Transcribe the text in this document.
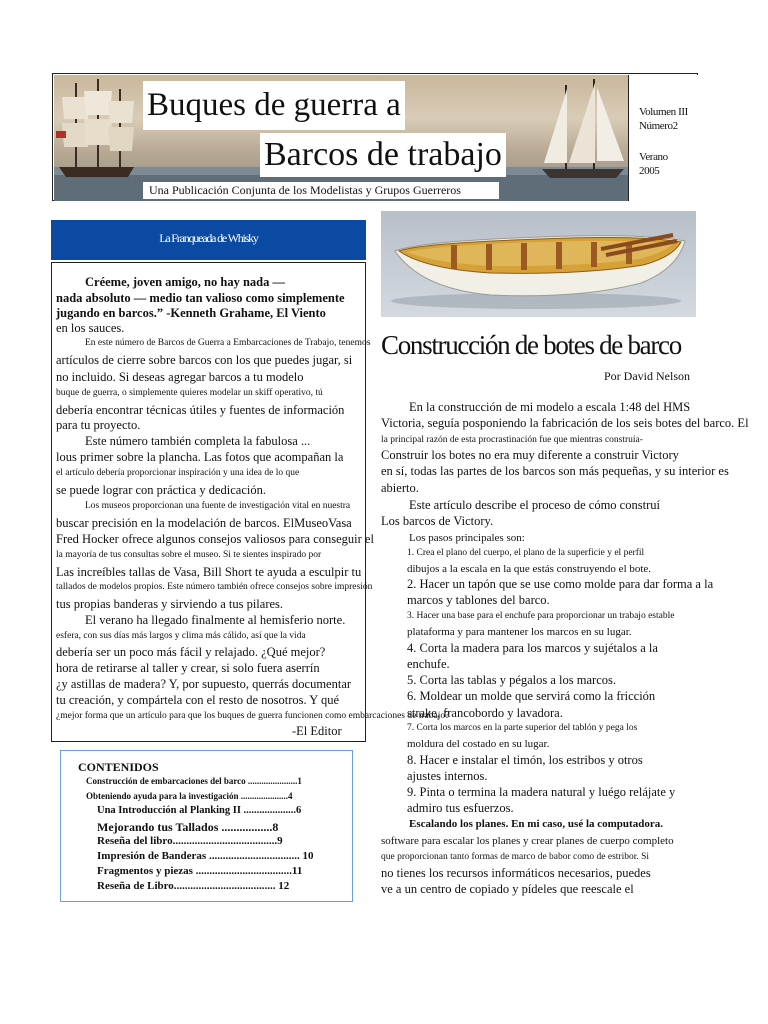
Buques de guerra a
Barcos de trabajo
Una Publicación Conjunta de los Modelistas y Grupos Guerreros
Volumen III
Número2
Verano
2005
La Franqueada de Whisky
Créeme, joven amigo, no hay nada —
nada absoluto — medio tan valioso como simplemente
jugando en barcos.” -Kenneth Grahame, El Viento
en los sauces.
En este número de Barcos de Guerra a Embarcaciones de Trabajo, tenemos
artículos de cierre sobre barcos con los que puedes jugar, si
no incluido. Si deseas agregar barcos a tu modelo
buque de guerra, o simplemente quieres modelar un skiff operativo, tú
debería encontrar técnicas útiles y fuentes de información
para tu proyecto.
Este número también completa la fabulosa ...
lous primer sobre la plancha. Las fotos que acompañan la
el artículo debería proporcionar inspiración y una idea de lo que
se puede lograr con práctica y dedicación.
Los museos proporcionan una fuente de investigación vital en nuestra
buscar precisión en la modelación de barcos. ElMuseoVasa
Fred Hocker ofrece algunos consejos valiosos para conseguir el
la mayoría de tus consultas sobre el museo. Si te sientes inspirado por
Las increíbles tallas de Vasa, Bill Short te ayuda a esculpir tu
tallados de modelos propios. Este número también ofrece consejos sobre impresión
tus propias banderas y sirviendo a tus pilares.
El verano ha llegado finalmente al hemisferio norte.
esfera, con sus días más largos y clima más cálido, así que la vida
debería ser un poco más fácil y relajado. ¿Qué mejor?
hora de retirarse al taller y crear, si solo fuera aserrín
¿y astillas de madera? Y, por supuesto, querrás documentar
tu creación, y compártela con el resto de nosotros. Y qué
¿mejor forma que un artículo para que los buques de guerra funcionen como embarcaciones de trabajo?
-El Editor
CONTENIDOS
Construcción de embarcaciones del barco ......................1
Obteniendo ayuda para la investigación .....................4
Una Introducción al Planking II ....................6
Mejorando tus Tallados .................8
Reseña del libro......................................9
Impresión de Banderas ................................. 10
Fragmentos y piezas ...................................11
Reseña de Libro..................................... 12
Construcción de botes de barco
Por David Nelson
En la construcción de mi modelo a escala 1:48 del HMS
Victoria, seguía posponiendo la fabricación de los seis botes del barco. El
la principal razón de esta procrastinación fue que mientras construía-
Construir los botes no era muy diferente a construir Victory
en sí, todas las partes de los barcos son más pequeñas, y su interior es
abierto.
Este artículo describe el proceso de cómo construí
Los barcos de Victory.
Los pasos principales son:
1. Crea el plano del cuerpo, el plano de la superficie y el perfil
dibujos a la escala en la que estás construyendo el bote.
2. Hacer un tapón que se use como molde para dar forma a la
marcos y tablones del barco.
3. Hacer una base para el enchufe para proporcionar un trabajo estable
plataforma y para mantener los marcos en su lugar.
4. Corta la madera para los marcos y sujétalos a la
enchufe.
5. Corta las tablas y pégalos a los marcos.
6. Moldear un molde que servirá como la fricción
strake, francobordo y lavadora.
7. Corta los marcos en la parte superior del tablón y pega los
moldura del costado en su lugar.
8. Hacer e instalar el timón, los estribos y otros
ajustes internos.
9. Pinta o termina la madera natural y luégo relájate y
admiro tus esfuerzos.
Escalando los planes. En mi caso, usé la computadora.
software para escalar los planes y crear planes de cuerpo completo
que proporcionan tanto formas de marco de babor como de estribor. Si
no tienes los recursos informáticos necesarios, puedes
ve a un centro de copiado y pídeles que reescale el
